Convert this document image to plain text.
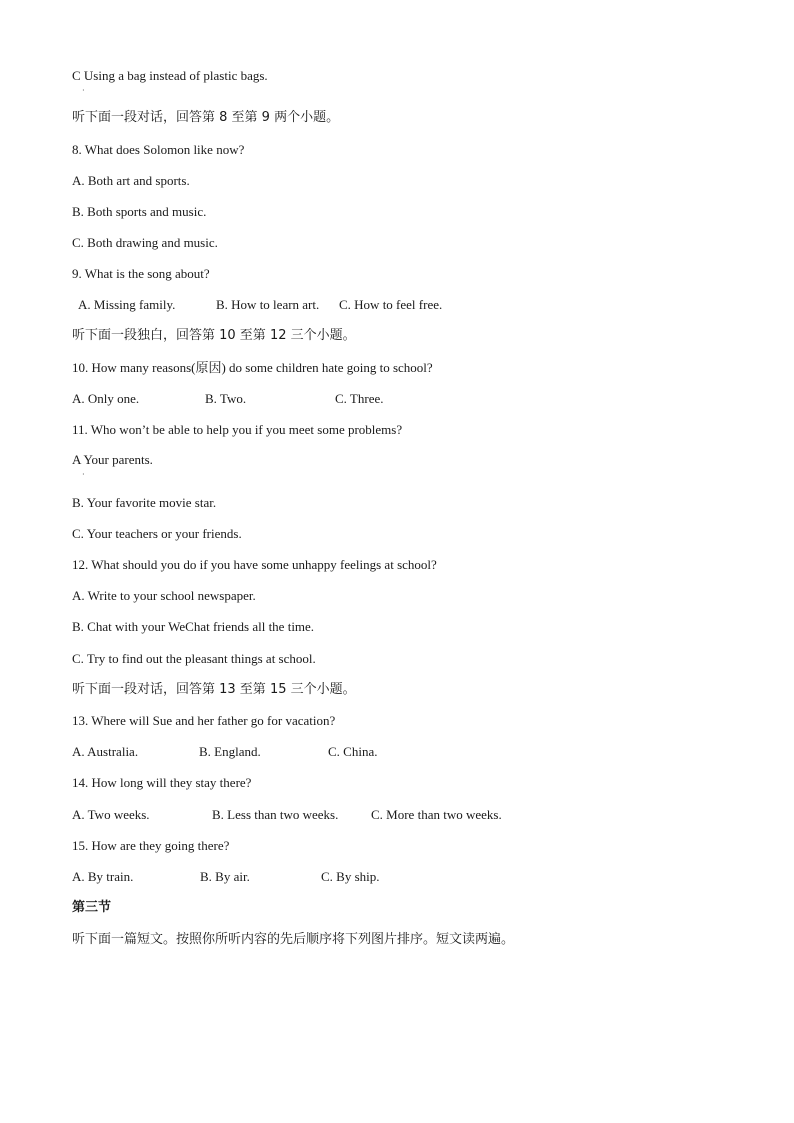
C Using a bag instead of plastic bags.
·
听下面一段对话，回答第 8 至第 9 两个小题。
8. What does Solomon like now?
A. Both art and sports.
B. Both sports and music.
C. Both drawing and music.
9. What is the song about?
A. Missing family.	B. How to learn art. C. How to feel free.
听下面一段独白，回答第 10 至第 12 三个小题。
10. How many reasons(原因) do some children hate going to school?
A. Only one.	B. Two.	C. Three.
11. Who won’t be able to help you if you meet some problems?
A Your parents.
·
B. Your favorite movie star.
C. Your teachers or your friends.
12. What should you do if you have some unhappy feelings at school?
A. Write to your school newspaper.
B. Chat with your WeChat friends all the time.
C. Try to find out the pleasant things at school.
听下面一段对话，回答第 13 至第 15 三个小题。
13. Where will Sue and her father go for vacation?
A. Australia.	B. England.	C. China.
14. How long will they stay there?
A. Two weeks.	B. Less than two weeks.	C. More than two weeks.
15. How are they going there?
A. By train.	B. By air.	C. By ship.
第三节
听下面一篇短文。按照你所听内容的先后顺序将下列图片排序。短文读两遍。
